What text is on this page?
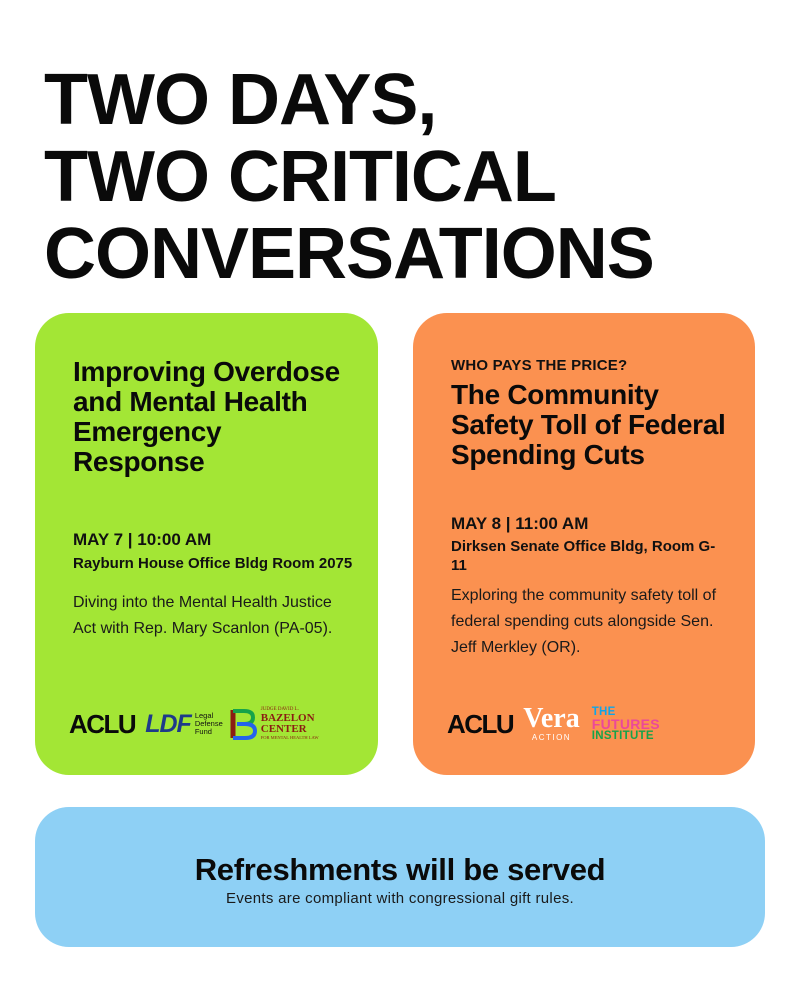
TWO DAYS,
TWO CRITICAL
CONVERSATIONS
Improving Overdose and Mental Health Emergency Response
MAY 7 | 10:00 AM
Rayburn House Office Bldg Room 2075
Diving into the Mental Health Justice Act with Rep. Mary Scanlon (PA-05).
ACLU LDF Legal
Defense
Fund
JUDGE DAVID L.
BAZELON
CENTER
FOR MENTAL HEALTH LAW
WHO PAYS THE PRICE?
The Community Safety Toll of Federal Spending Cuts
MAY 8 | 11:00 AM
Dirksen Senate Office Bldg, Room G-11
Exploring the community safety toll of federal spending cuts alongside Sen. Jeff Merkley (OR).
ACLU Vera
ACTION
THE
FUTURES
INSTITUTE
Refreshments will be served
Events are compliant with congressional gift rules.
